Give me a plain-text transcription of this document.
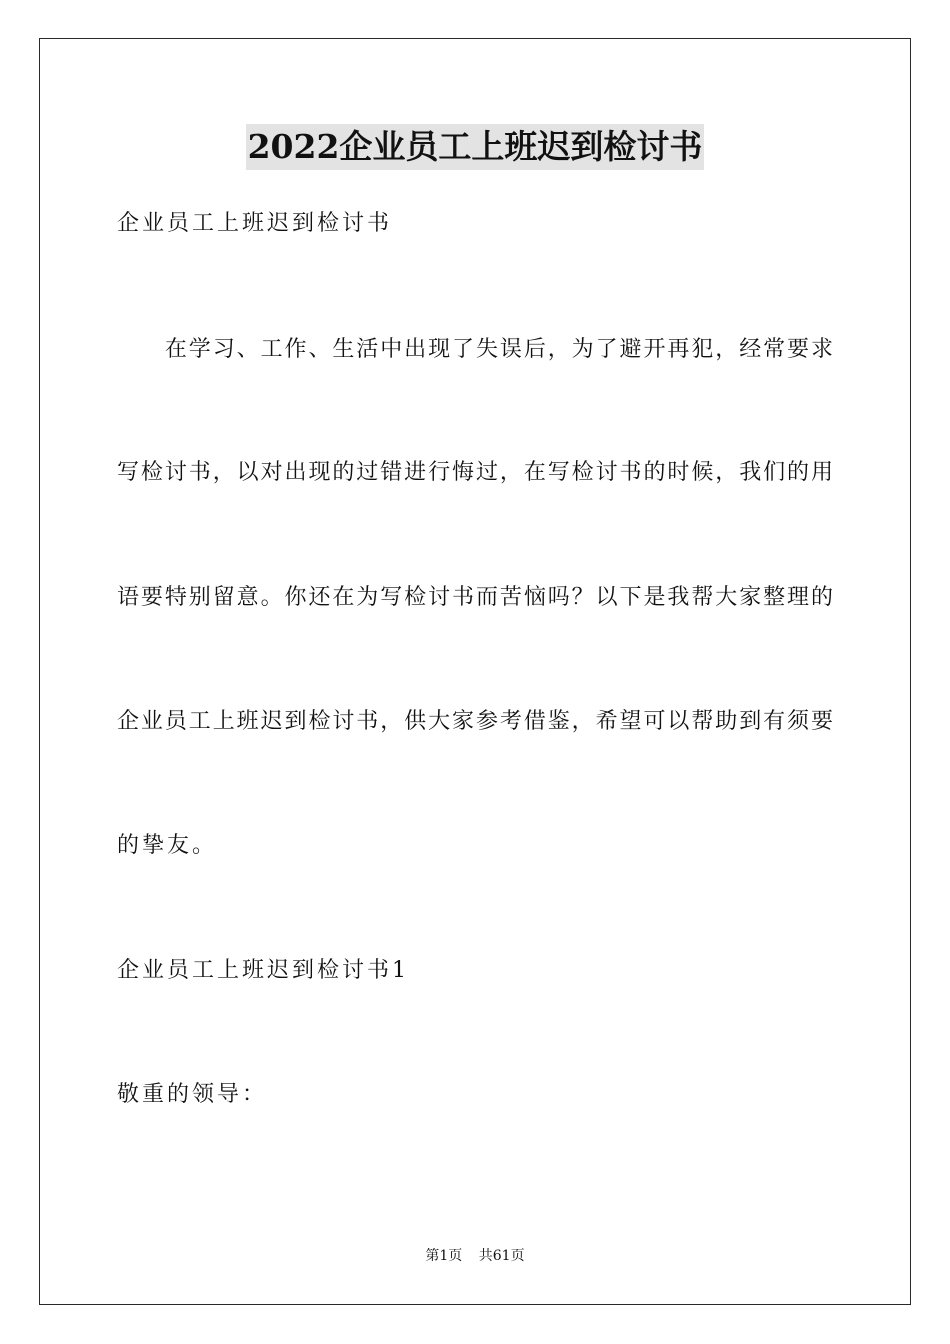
2022企业员工上班迟到检讨书
企业员工上班迟到检讨书
　　在学习、工作、生活中出现了失误后，为了避开再犯，经常要求
写检讨书，以对出现的过错进行悔过，在写检讨书的时候，我们的用
语要特别留意。你还在为写检讨书而苦恼吗？以下是我帮大家整理的
企业员工上班迟到检讨书，供大家参考借鉴，希望可以帮助到有须要
的挚友。
企业员工上班迟到检讨书1
敬重的领导：
第1页 共61页
